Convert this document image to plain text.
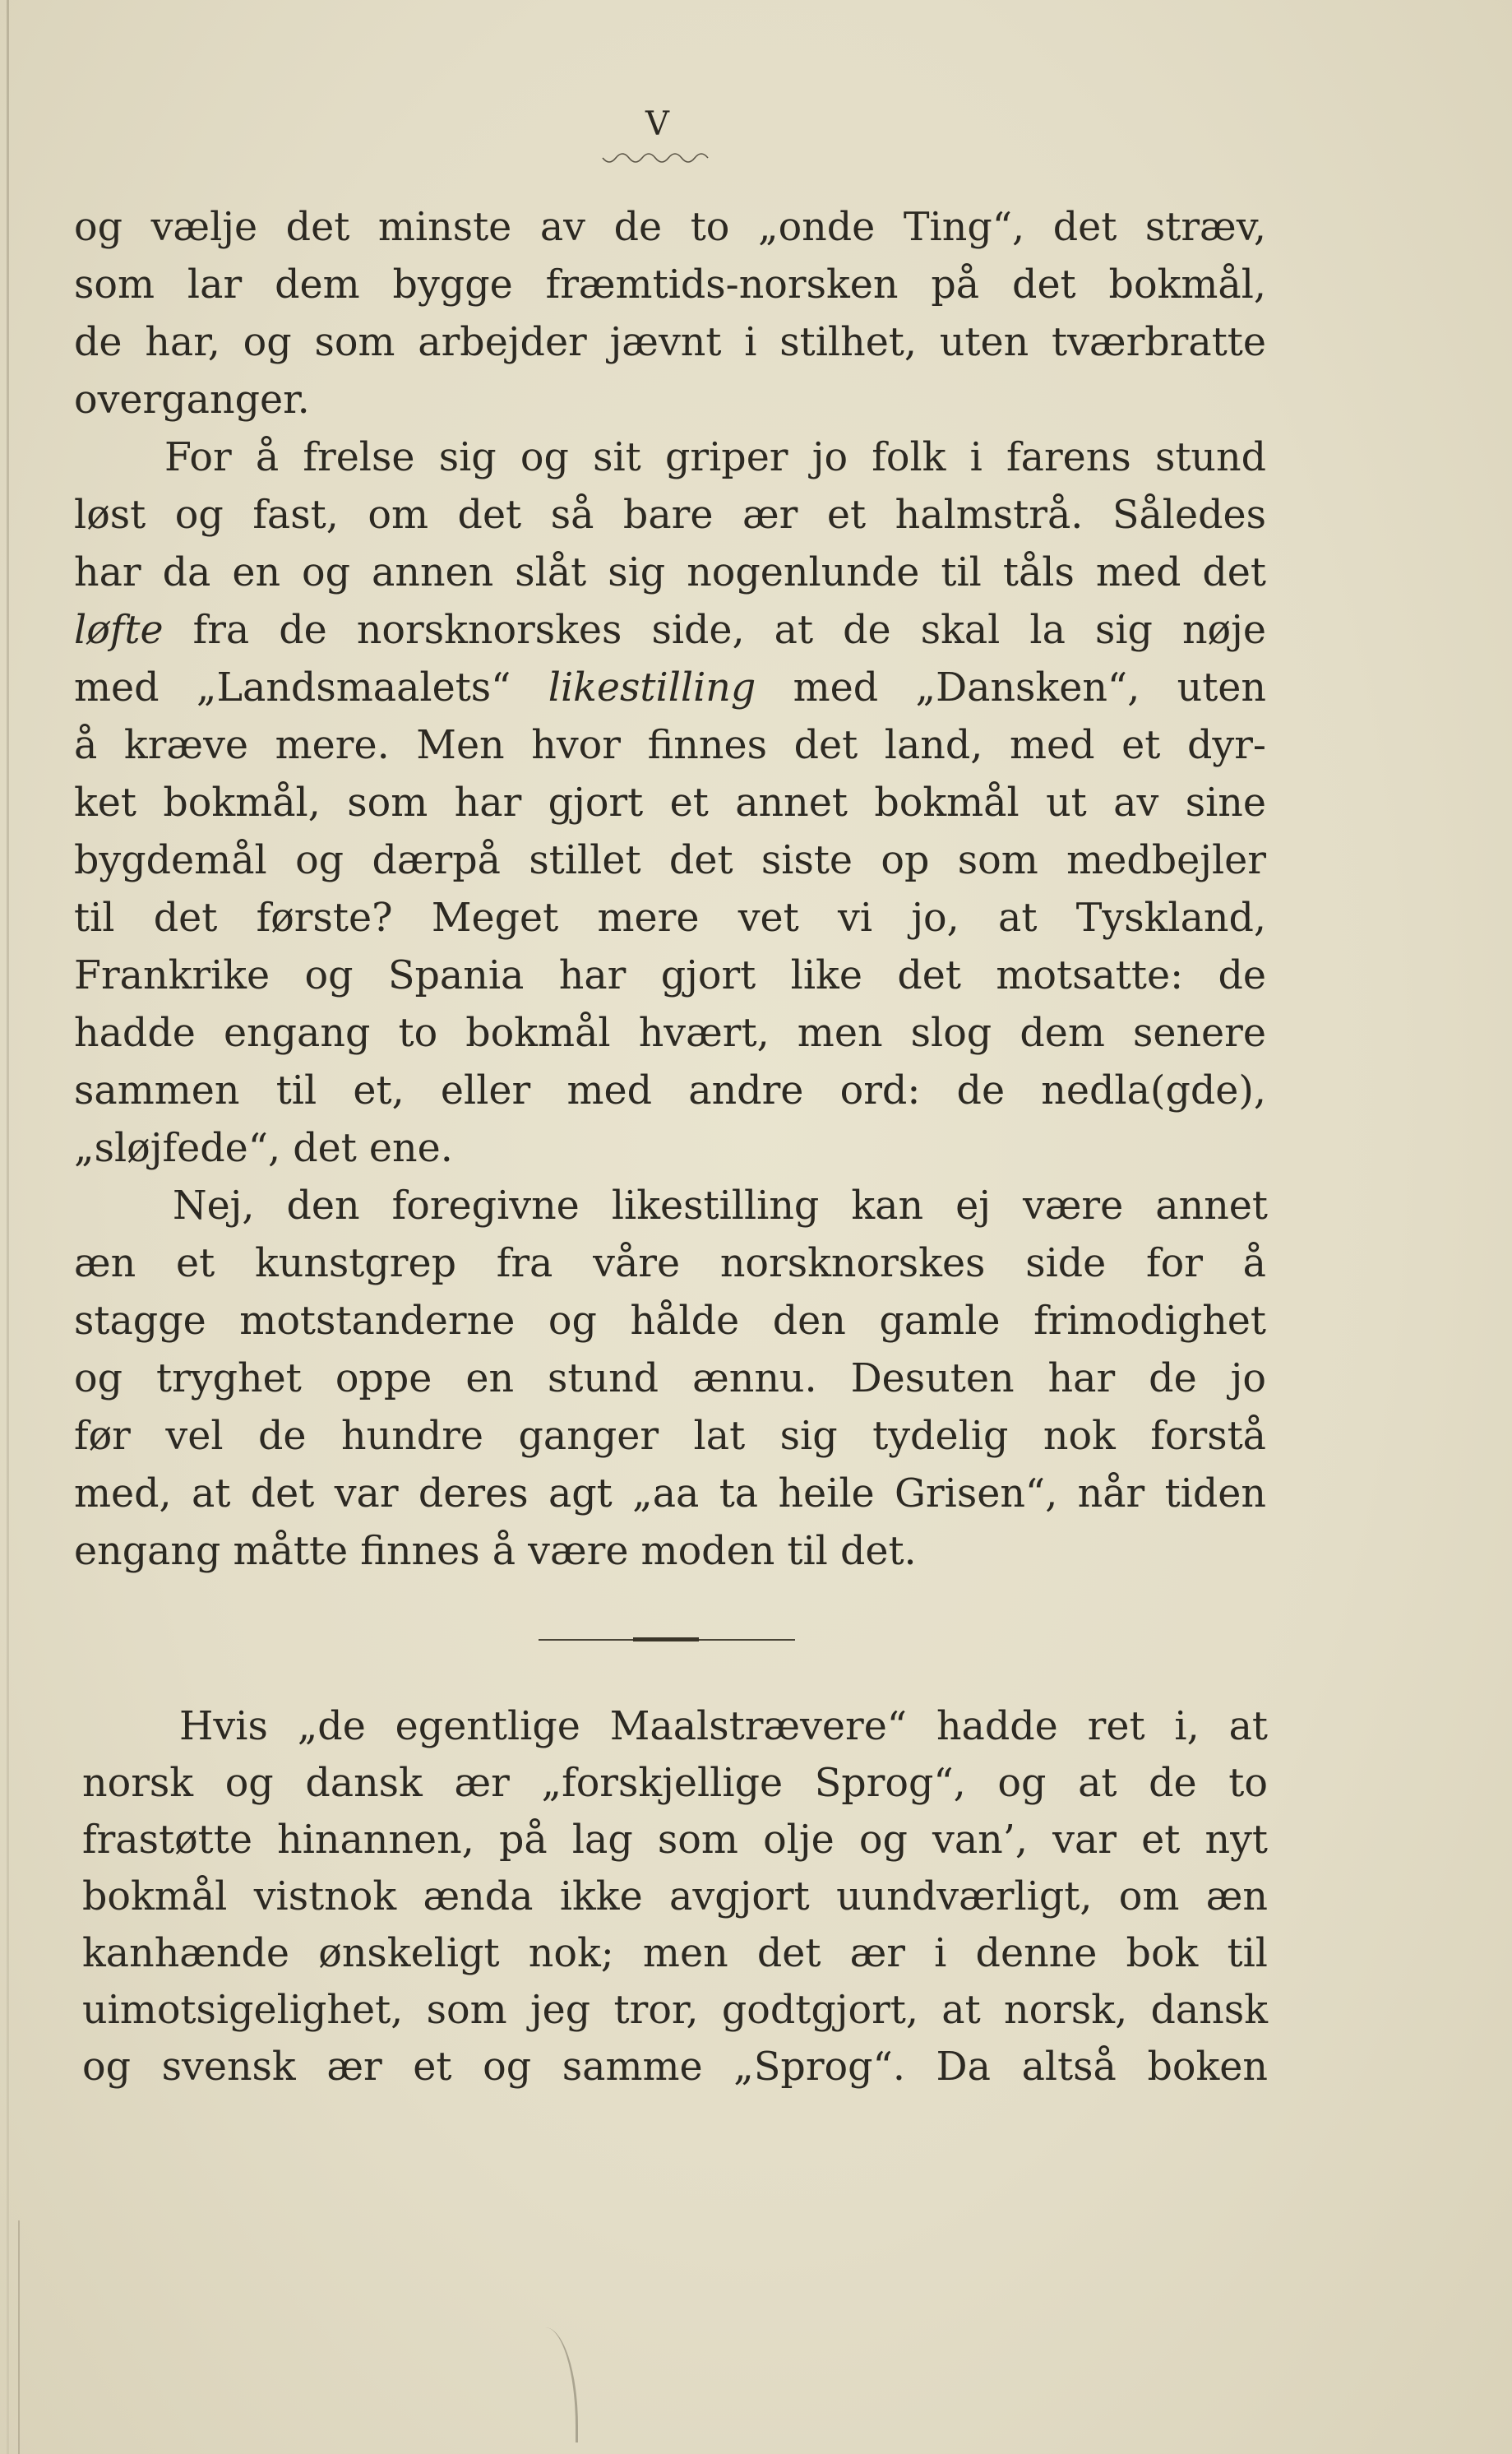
V
og vælje det minste av de to „onde Ting“, det stræv,
som lar dem bygge fræmtids-norsken på det bokmål,
de har, og som arbejder jævnt i stilhet, uten tværbratte
overganger.
For å frelse sig og sit griper jo folk i farens stund
løst og fast, om det så bare ær et halmstrå. Således
har da en og annen slåt sig nogenlunde til tåls med det
løfte fra de norsknorskes side, at de skal la sig nøje
med „Landsmaalets“ likestilling med „Dansken“, uten
å kræve mere. Men hvor finnes det land, med et dyr-
ket bokmål, som har gjort et annet bokmål ut av sine
bygdemål og dærpå stillet det siste op som medbejler
til det første? Meget mere vet vi jo, at Tyskland,
Frankrike og Spania har gjort like det motsatte: de
hadde engang to bokmål hvært, men slog dem senere
sammen til et, eller med andre ord: de nedla(gde),
„sløjfede“, det ene.
Nej, den foregivne likestilling kan ej være annet
æn et kunstgrep fra våre norsknorskes side for å
stagge motstanderne og hålde den gamle frimodighet
og tryghet oppe en stund ænnu. Desuten har de jo
før vel de hundre ganger lat sig tydelig nok forstå
med, at det var deres agt „aa ta heile Grisen“, når tiden
engang måtte finnes å være moden til det.
Hvis „de egentlige Maalstrævere“ hadde ret i, at
norsk og dansk ær „forskjellige Sprog“, og at de to
frastøtte hinannen, på lag som olje og van’, var et nyt
bokmål vistnok ænda ikke avgjort uundværligt, om æn
kanhænde ønskeligt nok; men det ær i denne bok til
uimotsigelighet, som jeg tror, godtgjort, at norsk, dansk
og svensk ær et og samme „Sprog“. Da altså boken
